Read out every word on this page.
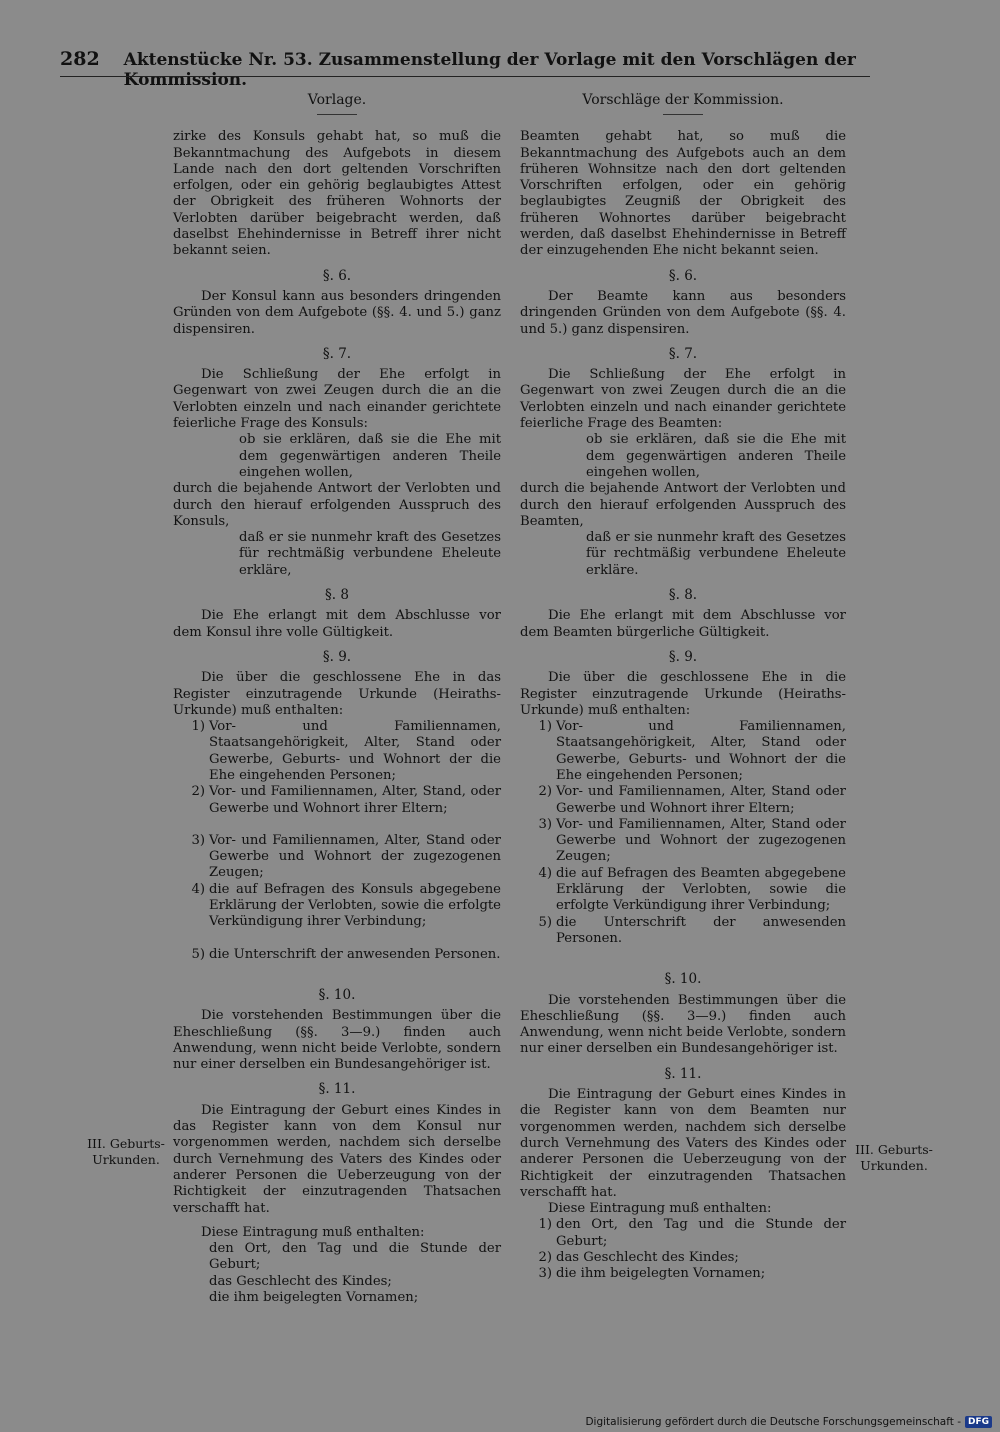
282 Aktenstücke Nr. 53. Zusammenstellung der Vorlage mit den Vorschlägen der Kommission.
Vorlage.

zirke des Konsuls gehabt hat, so muß die Bekanntmachung des Aufgebots in diesem Lande nach den dort geltenden Vorschriften erfolgen, oder ein gehörig beglaubigtes Attest der Obrigkeit des früheren Wohnorts der Verlobten darüber beigebracht werden, daß daselbst Ehehindernisse in Betreff ihrer nicht bekannt seien.

§. 6.

Der Konsul kann aus besonders dringenden Gründen von dem Aufgebote (§§. 4. und 5.) ganz dispensiren.

§. 7.

Die Schließung der Ehe erfolgt in Gegenwart von zwei Zeugen durch die an die Verlobten einzeln und nach einander gerichtete feierliche Frage des Konsuls:

ob sie erklären, daß sie die Ehe mit dem gegenwärtigen anderen Theile eingehen wollen,

durch die bejahende Antwort der Verlobten und durch den hierauf erfolgenden Ausspruch des Konsuls,

daß er sie nunmehr kraft des Gesetzes für rechtmäßig verbundene Eheleute erkläre,

§. 8

Die Ehe erlangt mit dem Abschlusse vor dem Konsul ihre volle Gültigkeit.

§. 9.

Die über die geschlossene Ehe in das Register einzutragende Urkunde (Heiraths-Urkunde) muß enthalten:

1) Vor- und Familiennamen, Staatsangehörigkeit, Alter, Stand oder Gewerbe, Geburts- und Wohnort der die Ehe eingehenden Personen;
2) Vor- und Familiennamen, Alter, Stand, oder Gewerbe und Wohnort ihrer Eltern;
3) Vor- und Familiennamen, Alter, Stand oder Gewerbe und Wohnort der zugezogenen Zeugen;
4) die auf Befragen des Konsuls abgegebene Erklärung der Verlobten, sowie die erfolgte Verkündigung ihrer Verbindung;
5) die Unterschrift der anwesenden Personen.
§. 10.

Die vorstehenden Bestimmungen über die Eheschließung (§§. 3—9.) finden auch Anwendung, wenn nicht beide Verlobte, sondern nur einer derselben ein Bundesangehöriger ist.

§. 11.

Die Eintragung der Geburt eines Kindes in das Register kann von dem Konsul nur vorgenommen werden, nachdem sich derselbe durch Vernehmung des Vaters des Kindes oder anderer Personen die Ueberzeugung von der Richtigkeit der einzutragenden Thatsachen verschafft hat.

Diese Eintragung muß enthalten:

den Ort, den Tag und die Stunde der Geburt;
das Geschlecht des Kindes;
die ihm beigelegten Vornamen;
Vorschläge der Kommission.

Beamten gehabt hat, so muß die Bekanntmachung des Aufgebots auch an dem früheren Wohnsitze nach den dort geltenden Vorschriften erfolgen, oder ein gehörig beglaubigtes Zeugniß der Obrigkeit des früheren Wohnortes darüber beigebracht werden, daß daselbst Ehehindernisse in Betreff der einzugehenden Ehe nicht bekannt seien.

§. 6.

Der Beamte kann aus besonders dringenden Gründen von dem Aufgebote (§§. 4. und 5.) ganz dispensiren.

§. 7.

Die Schließung der Ehe erfolgt in Gegenwart von zwei Zeugen durch die an die Verlobten einzeln und nach einander gerichtete feierliche Frage des Beamten:

ob sie erklären, daß sie die Ehe mit dem gegenwärtigen anderen Theile eingehen wollen,

durch die bejahende Antwort der Verlobten und durch den hierauf erfolgenden Ausspruch des Beamten,

daß er sie nunmehr kraft des Gesetzes für rechtmäßig verbundene Eheleute erkläre.

§. 8.

Die Ehe erlangt mit dem Abschlusse vor dem Beamten bürgerliche Gültigkeit.

§. 9.

Die über die geschlossene Ehe in die Register einzutragende Urkunde (Heiraths-Urkunde) muß enthalten:

1) Vor- und Familiennamen, Staatsangehörigkeit, Alter, Stand oder Gewerbe, Geburts- und Wohnort der die Ehe eingehenden Personen;
2) Vor- und Familiennamen, Alter, Stand oder Gewerbe und Wohnort ihrer Eltern;
3) Vor- und Familiennamen, Alter, Stand oder Gewerbe und Wohnort der zugezogenen Zeugen;
4) die auf Befragen des Beamten abgegebene Erklärung der Verlobten, sowie die erfolgte Verkündigung ihrer Verbindung;
5) die Unterschrift der anwesenden Personen.
§. 10.

Die vorstehenden Bestimmungen über die Eheschließung (§§. 3—9.) finden auch Anwendung, wenn nicht beide Verlobte, sondern nur einer derselben ein Bundesangehöriger ist.

§. 11.

Die Eintragung der Geburt eines Kindes in die Register kann von dem Beamten nur vorgenommen werden, nachdem sich derselbe durch Vernehmung des Vaters des Kindes oder anderer Personen die Ueberzeugung von der Richtigkeit der einzutragenden Thatsachen verschafft hat.

Diese Eintragung muß enthalten:

1) den Ort, den Tag und die Stunde der Geburt;
2) das Geschlecht des Kindes;
3) die ihm beigelegten Vornamen;
III. Geburts-Urkunden.
III. Geburts-Urkunden.
Digitalisierung gefördert durch die Deutsche Forschungsgemeinschaft - DFG
